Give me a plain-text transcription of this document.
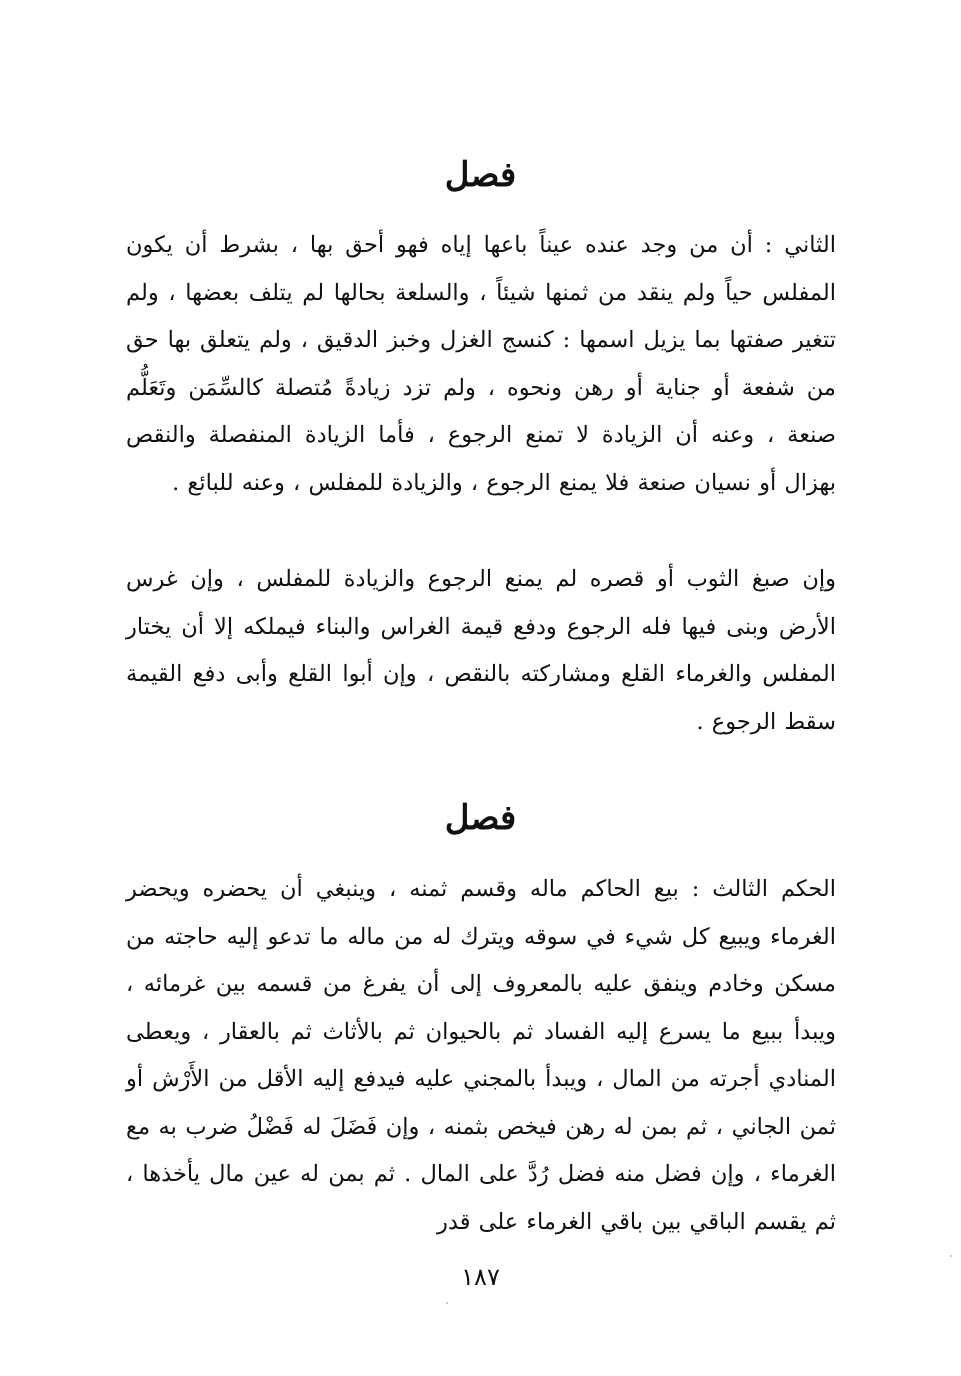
فصل

الثاني : أن من وجد عنده عيناً باعها إياه فهو أحق بها ، بشرط أن يكون المفلس حياً ولم ينقد من ثمنها شيئاً ، والسلعة بحالها لم يتلف بعضها ، ولم تتغير صفتها بما يزيل اسمها : كنسج الغزل وخبز الدقيق ، ولم يتعلق بها حق من شفعة أو جناية أو رهن ونحوه ، ولم تزد زيادةً مُتصلة كالسِّمَن وتَعَلُّم صنعة ، وعنه أن الزيادة لا تمنع الرجوع ، فأما الزيادة المنفصلة والنقص بهزال أو نسيان صنعة فلا يمنع الرجوع ، والزيادة للمفلس ، وعنه للبائع .

وإن صبغ الثوب أو قصره لم يمنع الرجوع والزيادة للمفلس ، وإن غرس الأرض وبنى فيها فله الرجوع ودفع قيمة الغراس والبناء فيملكه إلا أن يختار المفلس والغرماء القلع ومشاركته بالنقص ، وإن أبوا القلع وأبى دفع القيمة سقط الرجوع .

فصل

الحكم الثالث : بيع الحاكم ماله وقسم ثمنه ، وينبغي أن يحضره ويحضر الغرماء ويبيع كل شيء في سوقه ويترك له من ماله ما تدعو إليه حاجته من مسكن وخادم وينفق عليه بالمعروف إلى أن يفرغ من قسمه بين غرمائه ، ويبدأ ببيع ما يسرع إليه الفساد ثم بالحيوان ثم بالأثاث ثم بالعقار ، ويعطى المنادي أجرته من المال ، ويبدأ بالمجني عليه فيدفع إليه الأقل من الأَرْش أو ثمن الجاني ، ثم بمن له رهن فيخص بثمنه ، وإن فَضَلَ له فَضْلُ ضرب به مع الغرماء ، وإن فضل منه فضل رُدَّ على المال . ثم بمن له عين مال يأخذها ، ثم يقسم الباقي بين باقي الغرماء على قدر

١٨٧
